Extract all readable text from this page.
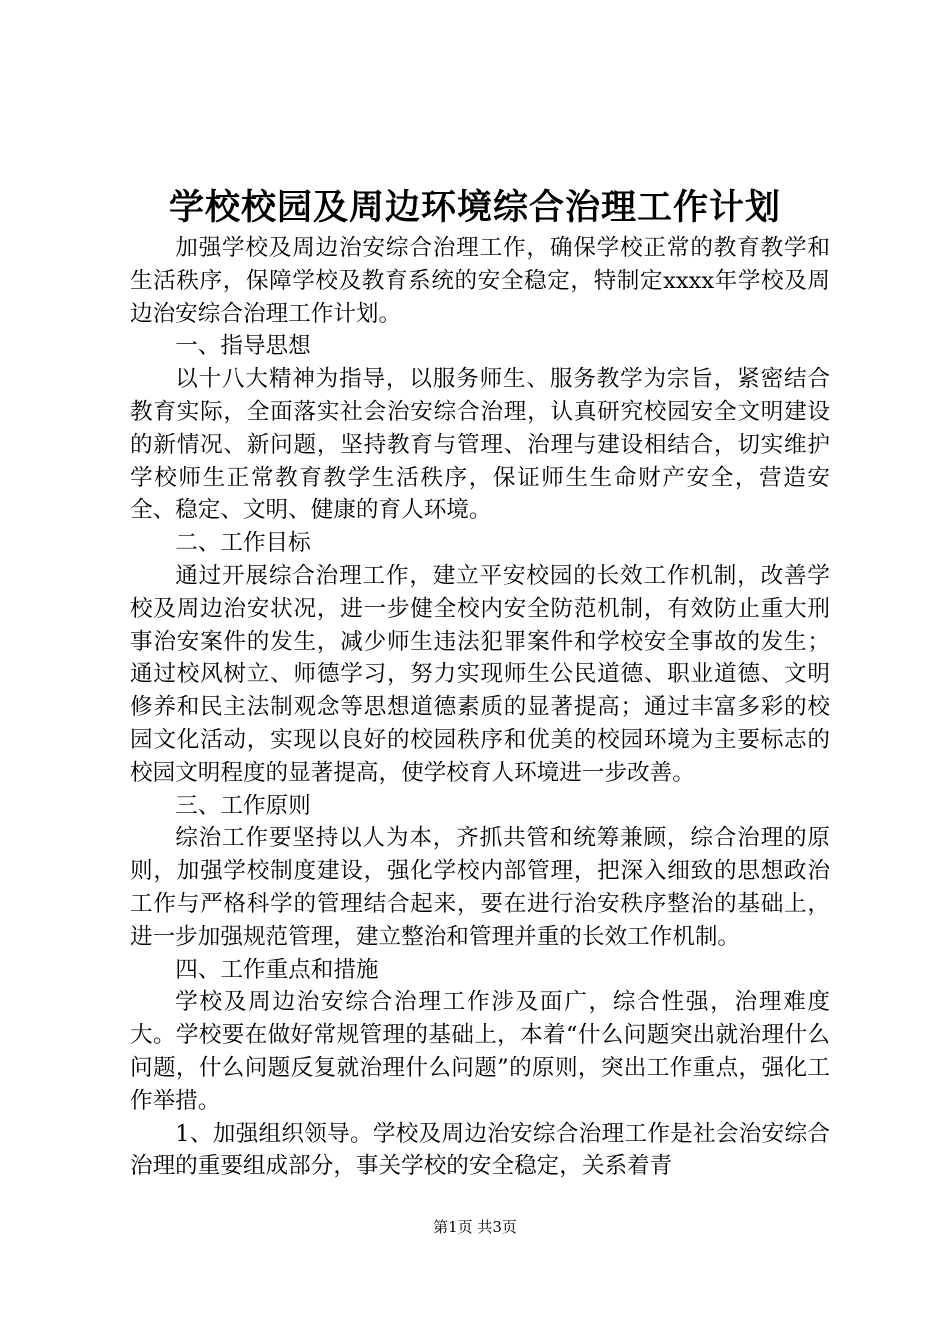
学校校园及周边环境综合治理工作计划

加强学校及周边治安综合治理工作，确保学校正常的教育教学和生活秩序，保障学校及教育系统的安全稳定，特制定xxxx年学校及周边治安综合治理工作计划。

一、指导思想

以十八大精神为指导，以服务师生、服务教学为宗旨，紧密结合教育实际，全面落实社会治安综合治理，认真研究校园安全文明建设的新情况、新问题，坚持教育与管理、治理与建设相结合，切实维护学校师生正常教育教学生活秩序，保证师生生命财产安全，营造安全、稳定、文明、健康的育人环境。

二、工作目标

通过开展综合治理工作，建立平安校园的长效工作机制，改善学校及周边治安状况，进一步健全校内安全防范机制，有效防止重大刑事治安案件的发生，减少师生违法犯罪案件和学校安全事故的发生；通过校风树立、师德学习，努力实现师生公民道德、职业道德、文明修养和民主法制观念等思想道德素质的显著提高；通过丰富多彩的校园文化活动，实现以良好的校园秩序和优美的校园环境为主要标志的校园文明程度的显著提高，使学校育人环境进一步改善。

三、工作原则

综治工作要坚持以人为本，齐抓共管和统筹兼顾，综合治理的原则，加强学校制度建设，强化学校内部管理，把深入细致的思想政治工作与严格科学的管理结合起来，要在进行治安秩序整治的基础上，进一步加强规范管理，建立整治和管理并重的长效工作机制。

四、工作重点和措施

学校及周边治安综合治理工作涉及面广，综合性强，治理难度大。学校要在做好常规管理的基础上，本着“什么问题突出就治理什么问题，什么问题反复就治理什么问题”的原则，突出工作重点，强化工作举措。

1、加强组织领导。学校及周边治安综合治理工作是社会治安综合治理的重要组成部分，事关学校的安全稳定，关系着青

第1页 共3页
